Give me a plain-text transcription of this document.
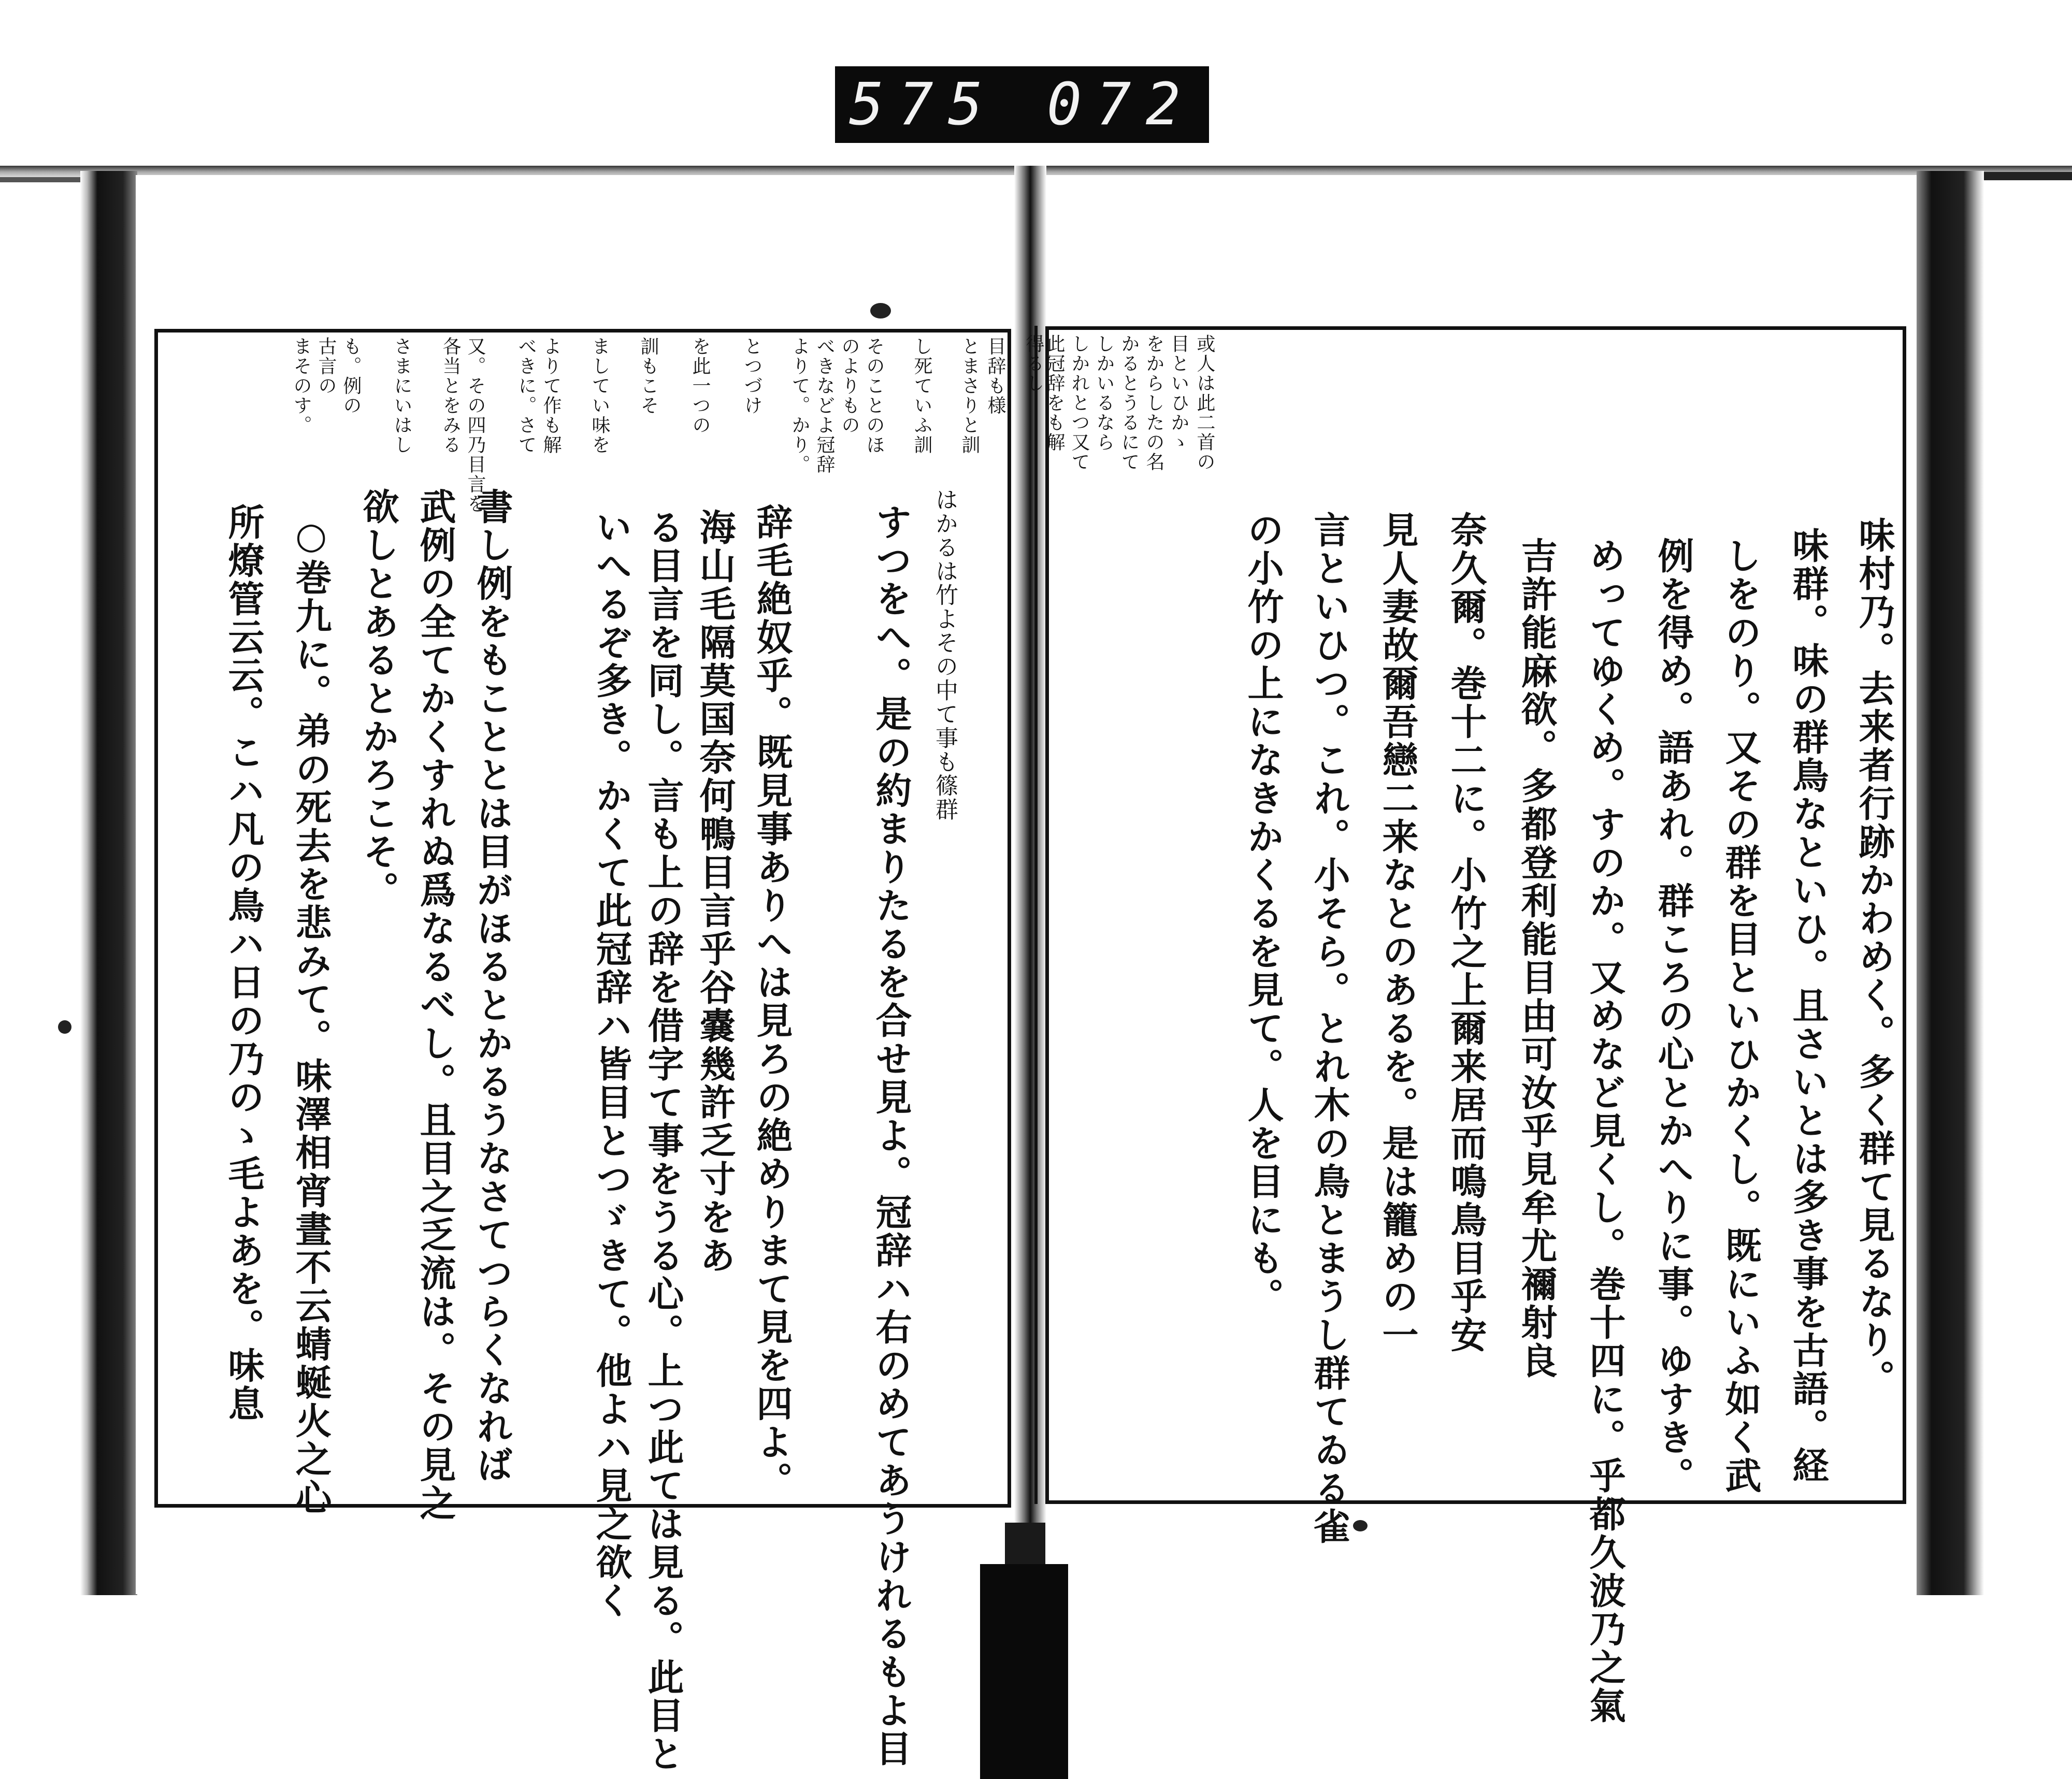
575 072
或人は此二首の
目といひかゝ
をからしたの名
かるとうるにて
しかいるなら
しかれとつ又て
此冠辞をも解
得るし
味村乃。去来者行跡かわめく。多く群て見るなり。
味群。味の群鳥なといひ。且さいとは多き事を古語。経
しをのり。又その群を目といひかくし。既にいふ如く武
例を得め。語あれ。群ころの心とかへりに事。ゆすき。
めってゆくめ。すのか。又めなど見くし。巻十四に。乎都久波乃之氣
吉許能麻欲。多都登利能目由可汝乎見牟尤禰射良
奈久爾。巻十二に。小竹之上爾来居而鳴鳥目乎安
見人妻故爾吾戀二来なとのあるを。是は籠めの一
言といひつ。これ。小そら。とれ木の鳥とまうし群てゐる雀
の小竹の上になきかくるを見て。人を目にも。
目辞も様
とまさりと訓
し死ていふ訓
そのことのほ
のよりもの
べきなどよ冠辞
よりて。かり。
とつづけ
を此一つの
訓もこそ
ましてい味を
よりて作も解
べきに。さて
又。その四乃目言を
各当とをみる
さまにいはし
も。例の
古言の
まそのす。
はかるは竹よその中て事も篠群
すつをへ。是の約まりたるを合せ見よ。冠辞ハ右のめてあうけれるもよ目
辞毛絶奴乎。既見事ありへは見ろの絶めりまて見を四よ。
海山毛隔莫国奈何鴨目言乎谷嚢幾許乏寸をあ
る目言を同し。言も上の辞を借字て事をうる心。上つ此ては見る。此目と
いへるぞ多き。かくて此冠辞ハ皆目とつゞきて。他よハ見之欲く
書し例をもこととは目がほるとかるうなさてつらくなれば
武例の全てかくすれぬ爲なるべし。且目之乏流は。その見之
欲しとあるとかろこそ。
○巻九に。弟の死去を悲みて。味澤相宵晝不云蜻蜒火之心
所燎管云云。こハ凡の鳥ハ日の乃のゝ毛よあを。味息
